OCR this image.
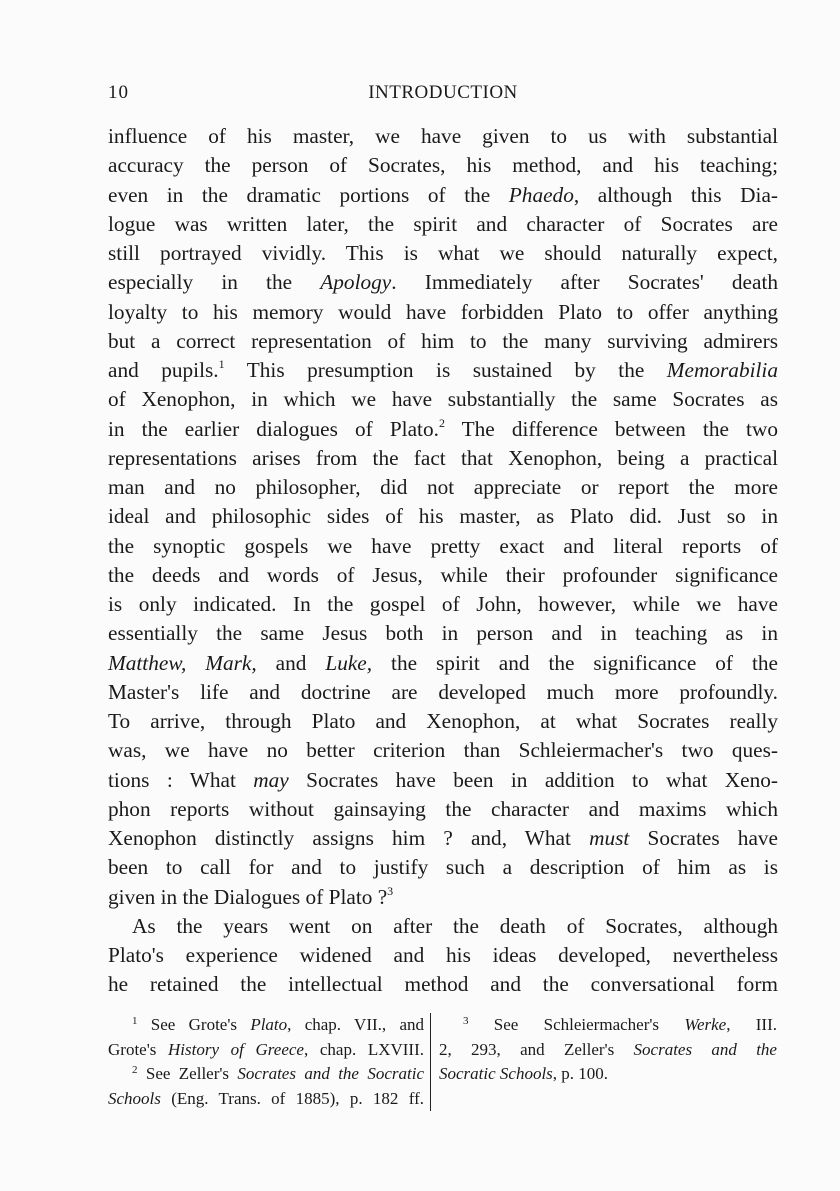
10	INTRODUCTION
influence of his master, we have given to us with substantial
accuracy the person of Socrates, his method, and his teaching;
even in the dramatic portions of the Phaedo, although this Dia-
logue was written later, the spirit and character of Socrates are
still portrayed vividly. This is what we should naturally expect,
especially in the Apology. Immediately after Socrates' death
loyalty to his memory would have forbidden Plato to offer anything
but a correct representation of him to the many surviving admirers
and pupils.$^1$ This presumption is sustained by the Memorabilia
of Xenophon, in which we have substantially the same Socrates as
in the earlier dialogues of Plato.$^2$ The difference between the two
representations arises from the fact that Xenophon, being a practical
man and no philosopher, did not appreciate or report the more
ideal and philosophic sides of his master, as Plato did. Just so in
the synoptic gospels we have pretty exact and literal reports of
the deeds and words of Jesus, while their profounder significance
is only indicated. In the gospel of John, however, while we have
essentially the same Jesus both in person and in teaching as in
Matthew, Mark, and Luke, the spirit and the significance of the
Master's life and doctrine are developed much more profoundly.
To arrive, through Plato and Xenophon, at what Socrates really
was, we have no better criterion than Schleiermacher's two ques-
tions : What may Socrates have been in addition to what Xeno-
phon reports without gainsaying the character and maxims which
Xenophon distinctly assigns him ? and, What must Socrates have
been to call for and to justify such a description of him as is
given in the Dialogues of Plato ?$^3$
As the years went on after the death of Socrates, although
Plato's experience widened and his ideas developed, nevertheless
he retained the intellectual method and the conversational form
$^1$ See Grote's Plato, chap. VII., and
Grote's History of Greece, chap. LXVIII.
$^2$ See Zeller's Socrates and the Socratic
Schools (Eng. Trans. of 1885), p. 182 ff.
$^3$ See Schleiermacher's Werke, III.
2, 293, and Zeller's Socrates and the
Socratic Schools, p. 100.
